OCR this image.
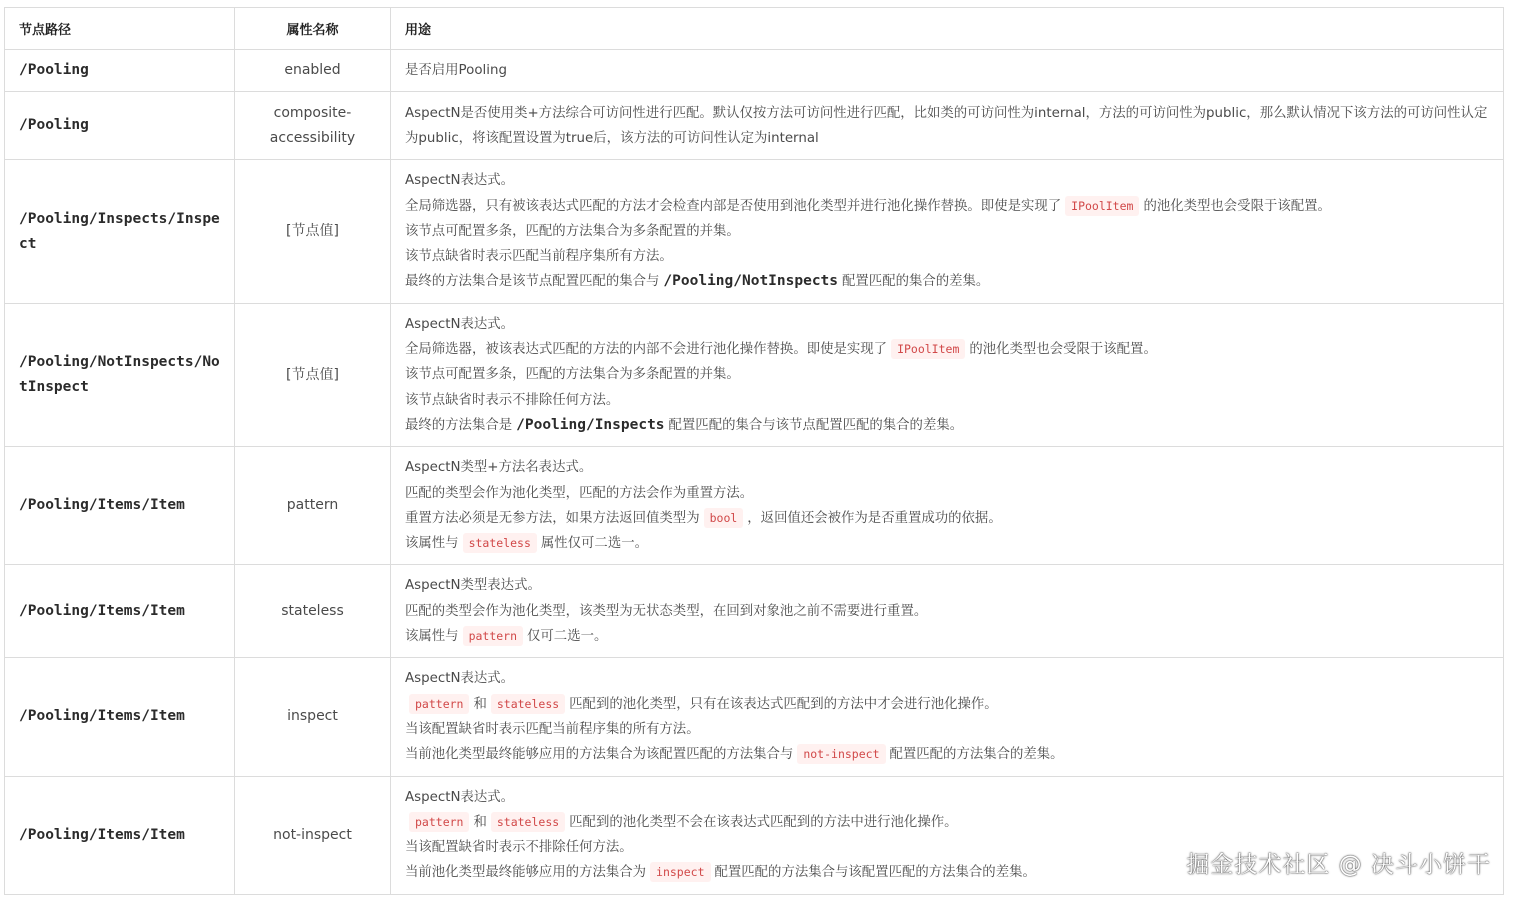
节点路径	属性名称	用途
/Pooling	enabled	是否启用Pooling

/Pooling	composite-accessibility	AspectN是否使用类+方法综合可访问性进行匹配。默认仅按方法可访问性进行匹配，比如类的可访问性为internal，方法的可访问性为public，那么默认情况下该方法的可访问性认定为public，将该配置设置为true后，该方法的可访问性认定为internal

/Pooling/Inspects/Inspect	[节点值]	AspectN表达式。
全局筛选器，只有被该表达式匹配的方法才会检查内部是否使用到池化类型并进行池化操作替换。即使是实现了 IPoolItem 的池化类型也会受限于该配置。
该节点可配置多条，匹配的方法集合为多条配置的并集。
该节点缺省时表示匹配当前程序集所有方法。
最终的方法集合是该节点配置匹配的集合与 /Pooling/NotInspects 配置匹配的集合的差集。

/Pooling/NotInspects/NotInspect	[节点值]	AspectN表达式。
全局筛选器，被该表达式匹配的方法的内部不会进行池化操作替换。即使是实现了 IPoolItem 的池化类型也会受限于该配置。
该节点可配置多条，匹配的方法集合为多条配置的并集。
该节点缺省时表示不排除任何方法。
最终的方法集合是 /Pooling/Inspects 配置匹配的集合与该节点配置匹配的集合的差集。

/Pooling/Items/Item	pattern	AspectN类型+方法名表达式。
匹配的类型会作为池化类型，匹配的方法会作为重置方法。
重置方法必须是无参方法，如果方法返回值类型为 bool ，返回值还会被作为是否重置成功的依据。
该属性与 stateless 属性仅可二选一。

/Pooling/Items/Item	stateless	AspectN类型表达式。
匹配的类型会作为池化类型，该类型为无状态类型，在回到对象池之前不需要进行重置。
该属性与 pattern 仅可二选一。

/Pooling/Items/Item	inspect	AspectN表达式。
pattern 和 stateless 匹配到的池化类型，只有在该表达式匹配到的方法中才会进行池化操作。
当该配置缺省时表示匹配当前程序集的所有方法。
当前池化类型最终能够应用的方法集合为该配置匹配的方法集合与 not-inspect 配置匹配的方法集合的差集。

/Pooling/Items/Item	not-inspect	AspectN表达式。
pattern 和 stateless 匹配到的池化类型不会在该表达式匹配到的方法中进行池化操作。
当该配置缺省时表示不排除任何方法。
当前池化类型最终能够应用的方法集合为 inspect 配置匹配的方法集合与该配置匹配的方法集合的差集。	掘金技术社区 @ 决斗小饼干
